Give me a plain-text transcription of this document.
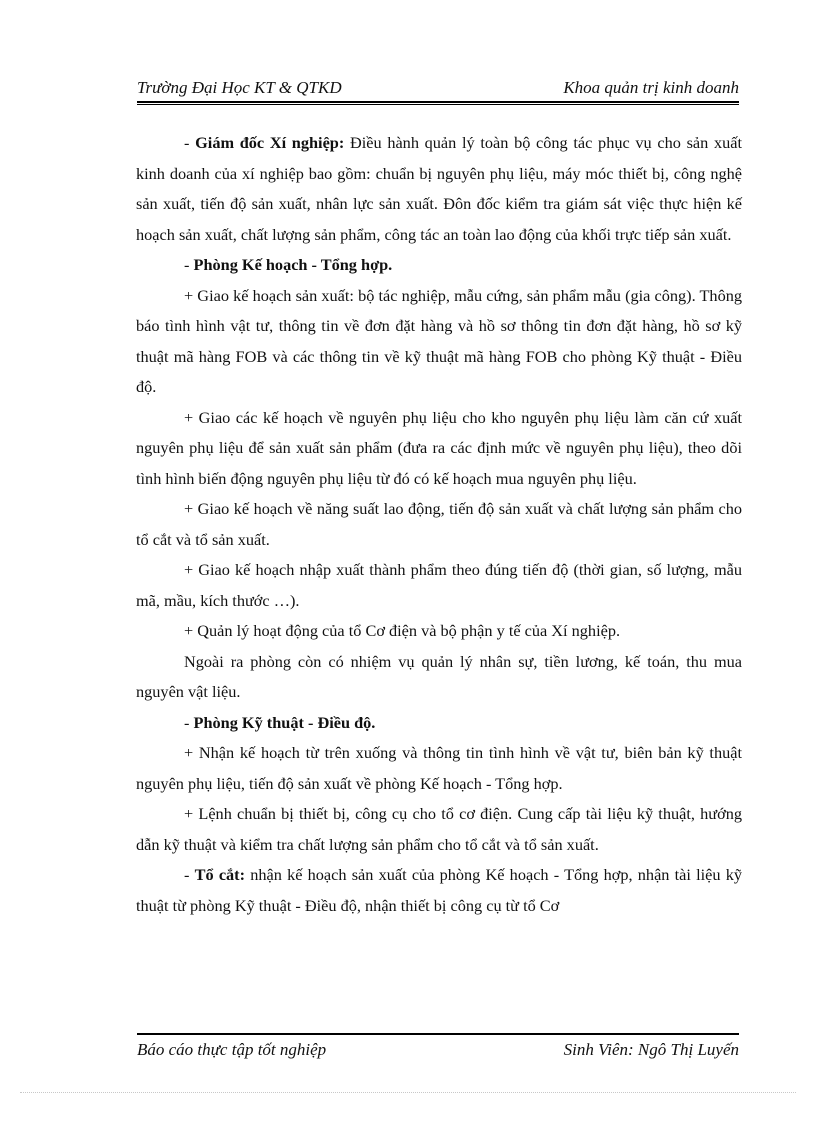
Trường Đại Học KT & QTKD	Khoa quản trị kinh doanh

- Giám đốc Xí nghiệp: Điều hành quản lý toàn bộ công tác phục vụ cho sản xuất kinh doanh của xí nghiệp bao gồm: chuẩn bị nguyên phụ liệu, máy móc thiết bị, công nghệ sản xuất, tiến độ sản xuất, nhân lực sản xuất. Đôn đốc kiểm tra giám sát việc thực hiện kế hoạch sản xuất, chất lượng sản phẩm, công tác an toàn lao động của khối trực tiếp sản xuất.

- Phòng Kế hoạch - Tổng hợp.

+ Giao kế hoạch sản xuất: bộ tác nghiệp, mẫu cứng, sản phẩm mẫu (gia công). Thông báo tình hình vật tư, thông tin về đơn đặt hàng và hồ sơ thông tin đơn đặt hàng, hồ sơ kỹ thuật mã hàng FOB và các thông tin về kỹ thuật mã hàng FOB cho phòng Kỹ thuật - Điều độ.

+ Giao các kế hoạch về nguyên phụ liệu cho kho nguyên phụ liệu làm căn cứ xuất nguyên phụ liệu để sản xuất sản phẩm (đưa ra các định mức về nguyên phụ liệu), theo dõi tình hình biến động nguyên phụ liệu từ đó có kế hoạch mua nguyên phụ liệu.

+ Giao kế hoạch về năng suất lao động, tiến độ sản xuất và chất lượng sản phẩm cho tổ cắt và tổ sản xuất.

+ Giao kế hoạch nhập xuất thành phẩm theo đúng tiến độ (thời gian, số lượng, mẫu mã, mầu, kích thước …).

+ Quản lý hoạt động của tổ Cơ điện và bộ phận y tế của Xí nghiệp.

Ngoài ra phòng còn có nhiệm vụ quản lý nhân sự, tiền lương, kế toán, thu mua nguyên vật liệu.

- Phòng Kỹ thuật - Điều độ.

+ Nhận kế hoạch từ trên xuống và thông tin tình hình về vật tư, biên bản kỹ thuật nguyên phụ liệu, tiến độ sản xuất về phòng Kế hoạch - Tổng hợp.

+ Lệnh chuẩn bị thiết bị, công cụ cho tổ cơ điện. Cung cấp tài liệu kỹ thuật, hướng dẫn kỹ thuật và kiểm tra chất lượng sản phẩm cho tổ cắt và tổ sản xuất.

- Tổ cắt: nhận kế hoạch sản xuất của phòng Kế hoạch - Tổng hợp, nhận tài liệu kỹ thuật từ phòng Kỹ thuật - Điều độ, nhận thiết bị công cụ từ tổ Cơ

Báo cáo thực tập tốt nghiệp	Sinh Viên: Ngô Thị Luyến
